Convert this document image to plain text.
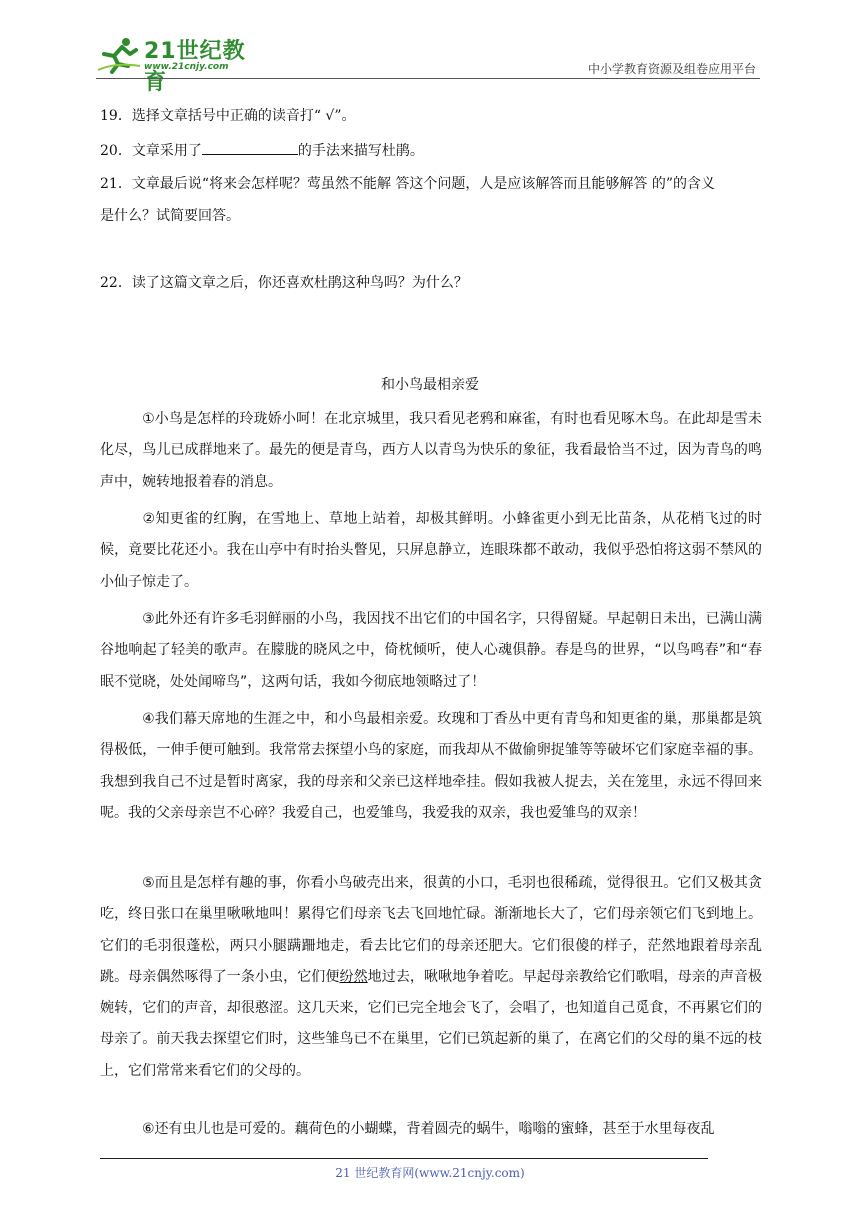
21世纪教育
www.21cnjy.com	中小学教育资源及组卷应用平台
19．选择文章括号中正确的读音打“ √”。
20．文章采用了	的手法来描写杜鹃。
21．文章最后说“将来会怎样呢？莺虽然不能解 答这个问题，人是应该解答而且能够解答 的”的含义
是什么？试简要回答。
22．读了这篇文章之后，你还喜欢杜鹃这种鸟吗？为什么？
和小鸟最相亲爱
①小鸟是怎样的玲珑娇小呵！在北京城里，我只看见老鸦和麻雀，有时也看见啄木鸟。在此却是雪未化尽，鸟儿已成群地来了。最先的便是青鸟，西方人以青鸟为快乐的象征，我看最恰当不过，因为青鸟的鸣声中，婉转地报着春的消息。
②知更雀的红胸，在雪地上、草地上站着，却极其鲜明。小蜂雀更小到无比苗条，从花梢飞过的时候，竟要比花还小。我在山亭中有时抬头瞥见，只屏息静立，连眼珠都不敢动，我似乎恐怕将这弱不禁风的小仙子惊走了。
③此外还有许多毛羽鲜丽的小鸟，我因找不出它们的中国名字，只得留疑。早起朝日未出，已满山满谷地响起了轻美的歌声。在朦胧的晓风之中，倚枕倾听，使人心魂俱静。春是鸟的世界，“以鸟鸣春”和“春眠不觉晓，处处闻啼鸟”，这两句话，我如今彻底地领略过了！
④我们幕天席地的生涯之中，和小鸟最相亲爱。玫瑰和丁香丛中更有青鸟和知更雀的巢，那巢都是筑得极低，一伸手便可触到。我常常去探望小鸟的家庭，而我却从不做偷卵捉雏等等破坏它们家庭幸福的事。我想到我自己不过是暂时离家，我的母亲和父亲已这样地牵挂。假如我被人捉去，关在笼里，永远不得回来呢。我的父亲母亲岂不心碎？我爱自己，也爱雏鸟，我爱我的双亲，我也爱雏鸟的双亲！
⑤而且是怎样有趣的事，你看小鸟破壳出来，很黄的小口，毛羽也很稀疏，觉得很丑。它们又极其贪吃，终日张口在巢里啾啾地叫！累得它们母亲飞去飞回地忙碌。渐渐地长大了，它们母亲领它们飞到地上。它们的毛羽很蓬松，两只小腿蹒跚地走，看去比它们的母亲还肥大。它们很傻的样子，茫然地跟着母亲乱跳。母亲偶然啄得了一条小虫，它们便纷然地过去，啾啾地争着吃。早起母亲教给它们歌唱，母亲的声音极婉转，它们的声音，却很憨涩。这几天来，它们已完全地会飞了，会唱了，也知道自己觅食，不再累它们的母亲了。前天我去探望它们时，这些雏鸟已不在巢里，它们已筑起新的巢了，在离它们的父母的巢不远的枝上，它们常常来看它们的父母的。
⑥还有虫儿也是可爱的。藕荷色的小蝴蝶，背着圆壳的蜗牛，嗡嗡的蜜蜂，甚至于水里每夜乱
21 世纪教育网(www.21cnjy.com)
